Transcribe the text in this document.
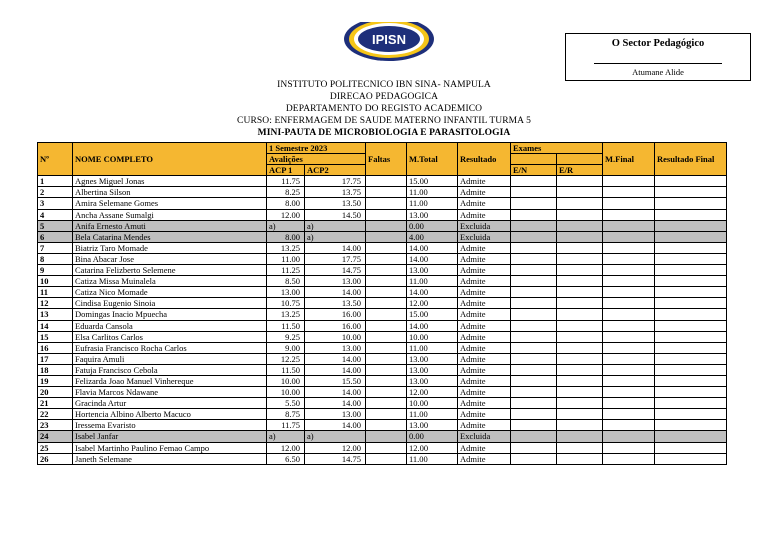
IPISN	O Sector Pedagógico
Atumane Alide
INSTITUTO POLITECNICO IBN SINA- NAMPULA
DIRECAO PEDAGOGICA
DEPARTAMENTO DO REGISTO ACADEMICO
CURSO: ENFERMAGEM DE SAUDE MATERNO INFANTIL TURMA 5
MINI-PAUTA DE MICROBIOLOGIA E PARASITOLOGIA
Nº	NOME COMPLETO	1 Semestre 2023		Faltas	M.Total	Resultado	Exames		M.Final	Resultado Final
		Avalições								
		ACP 1	ACP2				E/N	E/R		
1	Agnes Miguel Jonas	11.75	17.75		15.00	Admite				
2	Albertina Silson	8.25	13.75		11.00	Admite				
3	Amira Selemane Gomes	8.00	13.50		11.00	Admite				
4	Ancha Assane Sumalgi	12.00	14.50		13.00	Admite				
5	Anifa Ernesto Amuti	a)	a)		0.00	Excluida				
6	Bela Catarina Mendes	8.00	a)		4.00	Excluida				
7	Biatriz Taro Momade	13.25	14.00		14.00	Admite				
8	Bina Abacar Jose	11.00	17.75		14.00	Admite				
9	Catarina Felizberto Selemene	11.25	14.75		13.00	Admite				
10	Catiza Missa Muinalela	8.50	13.00		11.00	Admite				
11	Catiza Nico Momade	13.00	14.00		14.00	Admite				
12	Cindisa Eugenio Sinoia	10.75	13.50		12.00	Admite				
13	Domingas Inacio Mpuecha	13.25	16.00		15.00	Admite				
14	Eduarda Cansola	11.50	16.00		14.00	Admite				
15	Elsa Carlitos Carlos	9.25	10.00		10.00	Admite				
16	Eufrasia Francisco Rocha Carlos	9.00	13.00		11.00	Admite				
17	Faquira Amuli	12.25	14.00		13.00	Admite				
18	Fatuja Francisco Cebola	11.50	14.00		13.00	Admite				
19	Felizarda Joao Manuel Vinhereque	10.00	15.50		13.00	Admite				
20	Flavia Marcos Ndawane	10.00	14.00		12.00	Admite				
21	Gracinda Artur	5.50	14.00		10.00	Admite				
22	Hortencia Albino Alberto Macuco	8.75	13.00		11.00	Admite				
23	Iressema Evaristo	11.75	14.00		13.00	Admite				
24	Isabel Janfar	a)	a)		0.00	Excluida				
25	Isabel Martinho Paulino Femao Campo	12.00	12.00		12.00	Admite				
26	Janeth Selemane	6.50	14.75		11.00	Admite				
